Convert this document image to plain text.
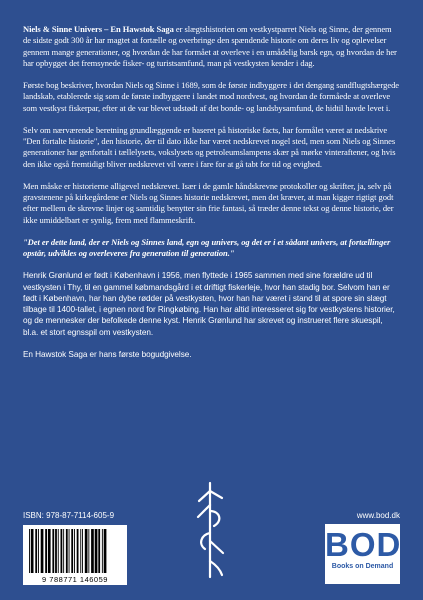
Niels & Sinne Univers – En Hawstok Saga er slægtshistorien om vestkystparret Niels og Sinne, der gennem de sidste godt 300 år har magtet at fortælle og overbringe den spændende historie om deres liv og oplevelser gennem mange generationer, og hvordan de har formået at overleve i en umådelig barsk egn, og hvordan de her har opbygget det fremsynede fisker- og turistsamfund, man på vestkysten kender i dag.

Første bog beskriver, hvordan Niels og Sinne i 1689, som de første indbyggere i det dengang sandflugtshærgede landskab, etablerede sig som de første indbyggere i landet mod nordvest, og hvordan de formåede at overleve som vestkyst fiskerpar, efter at de var blevet udstødt af det bonde- og landsbysamfund, de hidtil havde levet i.

Selv om nærværende beretning grundlæggende er baseret på historiske facts, har formålet været at nedskrive "Den fortalte historie", den historie, der til dato ikke har været nedskrevet nogel sted, men som Niels og Sinnes generationer har genfortalt i tællelysets, vokslysets og petroleumslampens skær på mørke vinteraftener, og hvis den ikke også fremtidigt bliver nedskrevet vil være i fare for at gå tabt for tid og evighed.

Men måske er historierne alligevel nedskrevet. Især i de gamle håndskrevne protokoller og skrifter, ja, selv på gravstenene på kirkegårdene er Niels og Sinnes historie nedskrevet, men det kræver, at man kigger rigtigt godt efter mellem de skrevne linjer og samtidig benytter sin frie fantasi, så træder denne tekst og denne historie, der ikke umiddelbart er synlig, frem med flammeskrift.

"Det er dette land, der er Niels og Sinnes land, egn og univers, og det er i et sådant univers, at fortællinger opstår, udvikles og overleveres fra generation til generation."

Henrik Grønlund er født i København i 1956, men flyttede i 1965 sammen med sine forældre ud til vestkysten i Thy, til en gammel købmandsgård i et driftigt fiskerleje, hvor han stadig bor. Selvom han er født i København, har han dybe rødder på vestkysten, hvor han har været i stand til at spore sin slægt tilbage til 1400-tallet, i egnen nord for Ringkøbing. Han har altid interesseret sig for vestkystens historier, og de mennesker der befolkede denne kyst. Henrik Grønlund har skrevet og instrueret flere skuespil, bl.a. et stort egnsspil om vestkysten.

En Hawstok Saga er hans første bogudgivelse.

ISBN: 978-87-7114-605-9
9 788771 146059
www.bod.dk
BOD
Books on Demand
